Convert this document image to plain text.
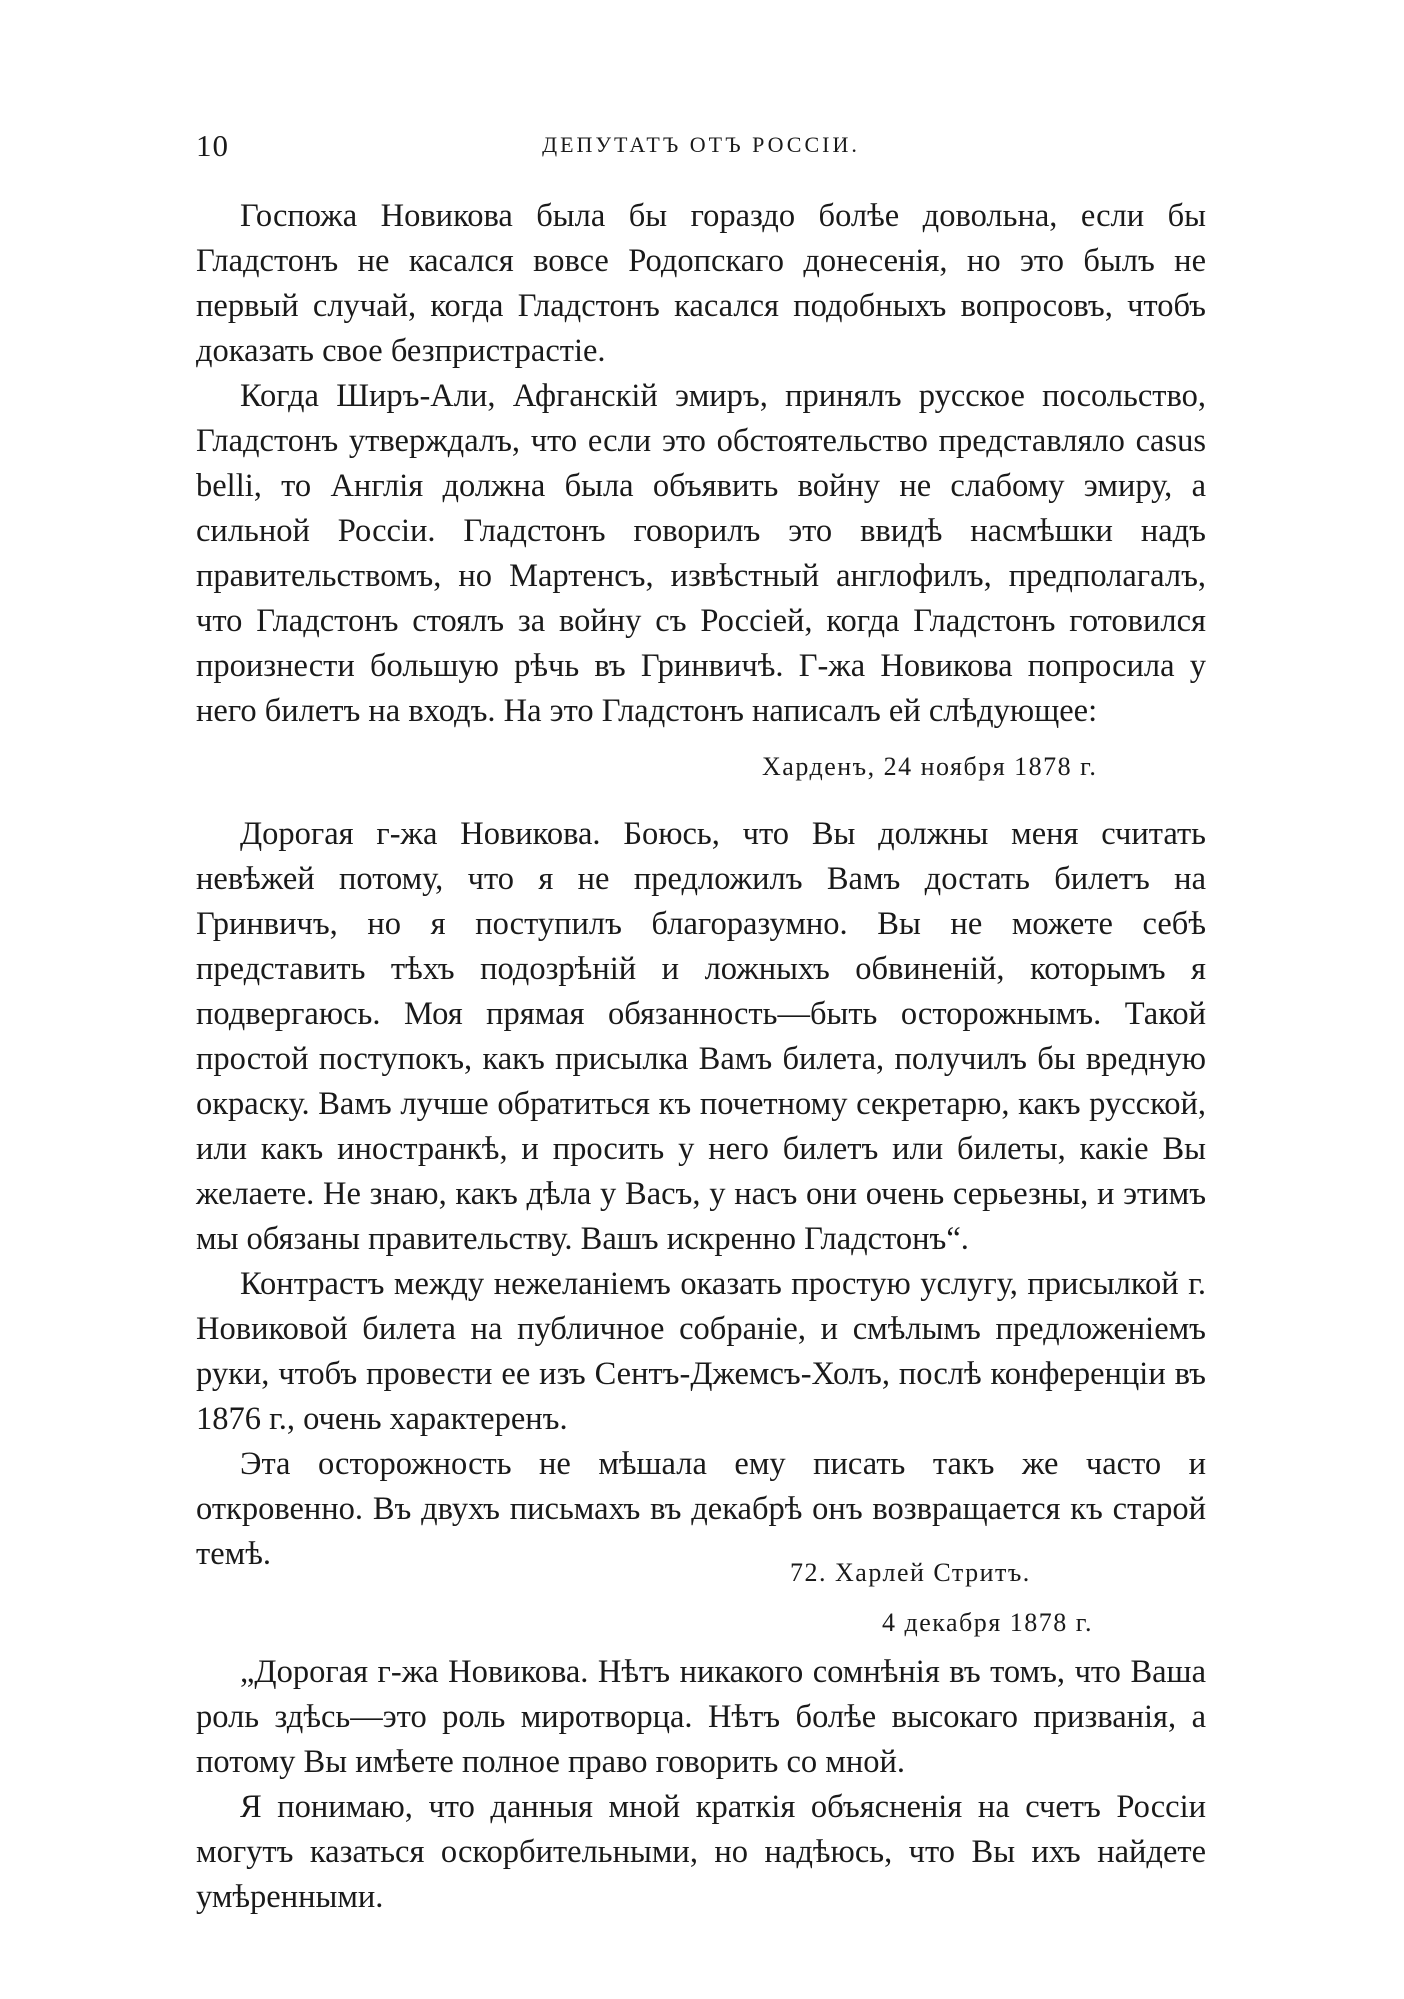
10	ДЕПУТАТЪ ОТЪ РОССІИ.

Госпожа Новикова была бы гораздо болѣе довольна, если бы Гладстонъ не касался вовсе Родопскаго донесенія, но это былъ не первый случай, когда Гладстонъ касался подобныхъ вопросовъ, чтобъ доказать свое безпристрастіе.

Когда Ширъ-Али, Афганскій эмиръ, принялъ русское посольство, Гладстонъ утверждалъ, что если это обстоятельство представляло casus belli, то Англія должна была объявить войну не слабому эмиру, а сильной Россіи. Гладстонъ говорилъ это ввидѣ насмѣшки надъ правительствомъ, но Мартенсъ, извѣстный англофилъ, предполагалъ, что Гладстонъ стоялъ за войну съ Россіей, когда Гладстонъ готовился произнести большую рѣчь въ Гринвичѣ. Г-жа Новикова попросила у него билетъ на входъ. На это Гладстонъ написалъ ей слѣдующее:

Харденъ, 24 ноября 1878 г.

Дорогая г-жа Новикова. Боюсь, что Вы должны меня считать невѣжей потому, что я не предложилъ Вамъ достать билетъ на Гринвичъ, но я поступилъ благоразумно. Вы не можете себѣ представить тѣхъ подозрѣній и ложныхъ обвиненій, которымъ я подвергаюсь. Моя прямая обязанность—быть осторожнымъ. Такой простой поступокъ, какъ присылка Вамъ билета, получилъ бы вредную окраску. Вамъ лучше обратиться къ почетному секретарю, какъ русской, или какъ иностранкѣ, и просить у него билетъ или билеты, какіе Вы желаете. Не знаю, какъ дѣла у Васъ, у насъ они очень серьезны, и этимъ мы обязаны правительству. Вашъ искренно Гладстонъ“.

Контрастъ между нежеланіемъ оказать простую услугу, присылкой г. Новиковой билета на публичное собраніе, и смѣлымъ предложеніемъ руки, чтобъ провести ее изъ Сентъ-Джемсъ-Холъ, послѣ конференціи въ 1876 г., очень характеренъ.

Эта осторожность не мѣшала ему писать такъ же часто и откровенно. Въ двухъ письмахъ въ декабрѣ онъ возвращается къ старой темѣ.

72. Харлей Стритъ.
4 декабря 1878 г.

„Дорогая г-жа Новикова. Нѣтъ никакого сомнѣнія въ томъ, что Ваша роль здѣсь—это роль миротворца. Нѣтъ болѣе высокаго призванія, а потому Вы имѣете полное право говорить со мной.

Я понимаю, что данныя мной краткія объясненія на счетъ Россіи могутъ казаться оскорбительными, но надѣюсь, что Вы ихъ найдете умѣренными.
